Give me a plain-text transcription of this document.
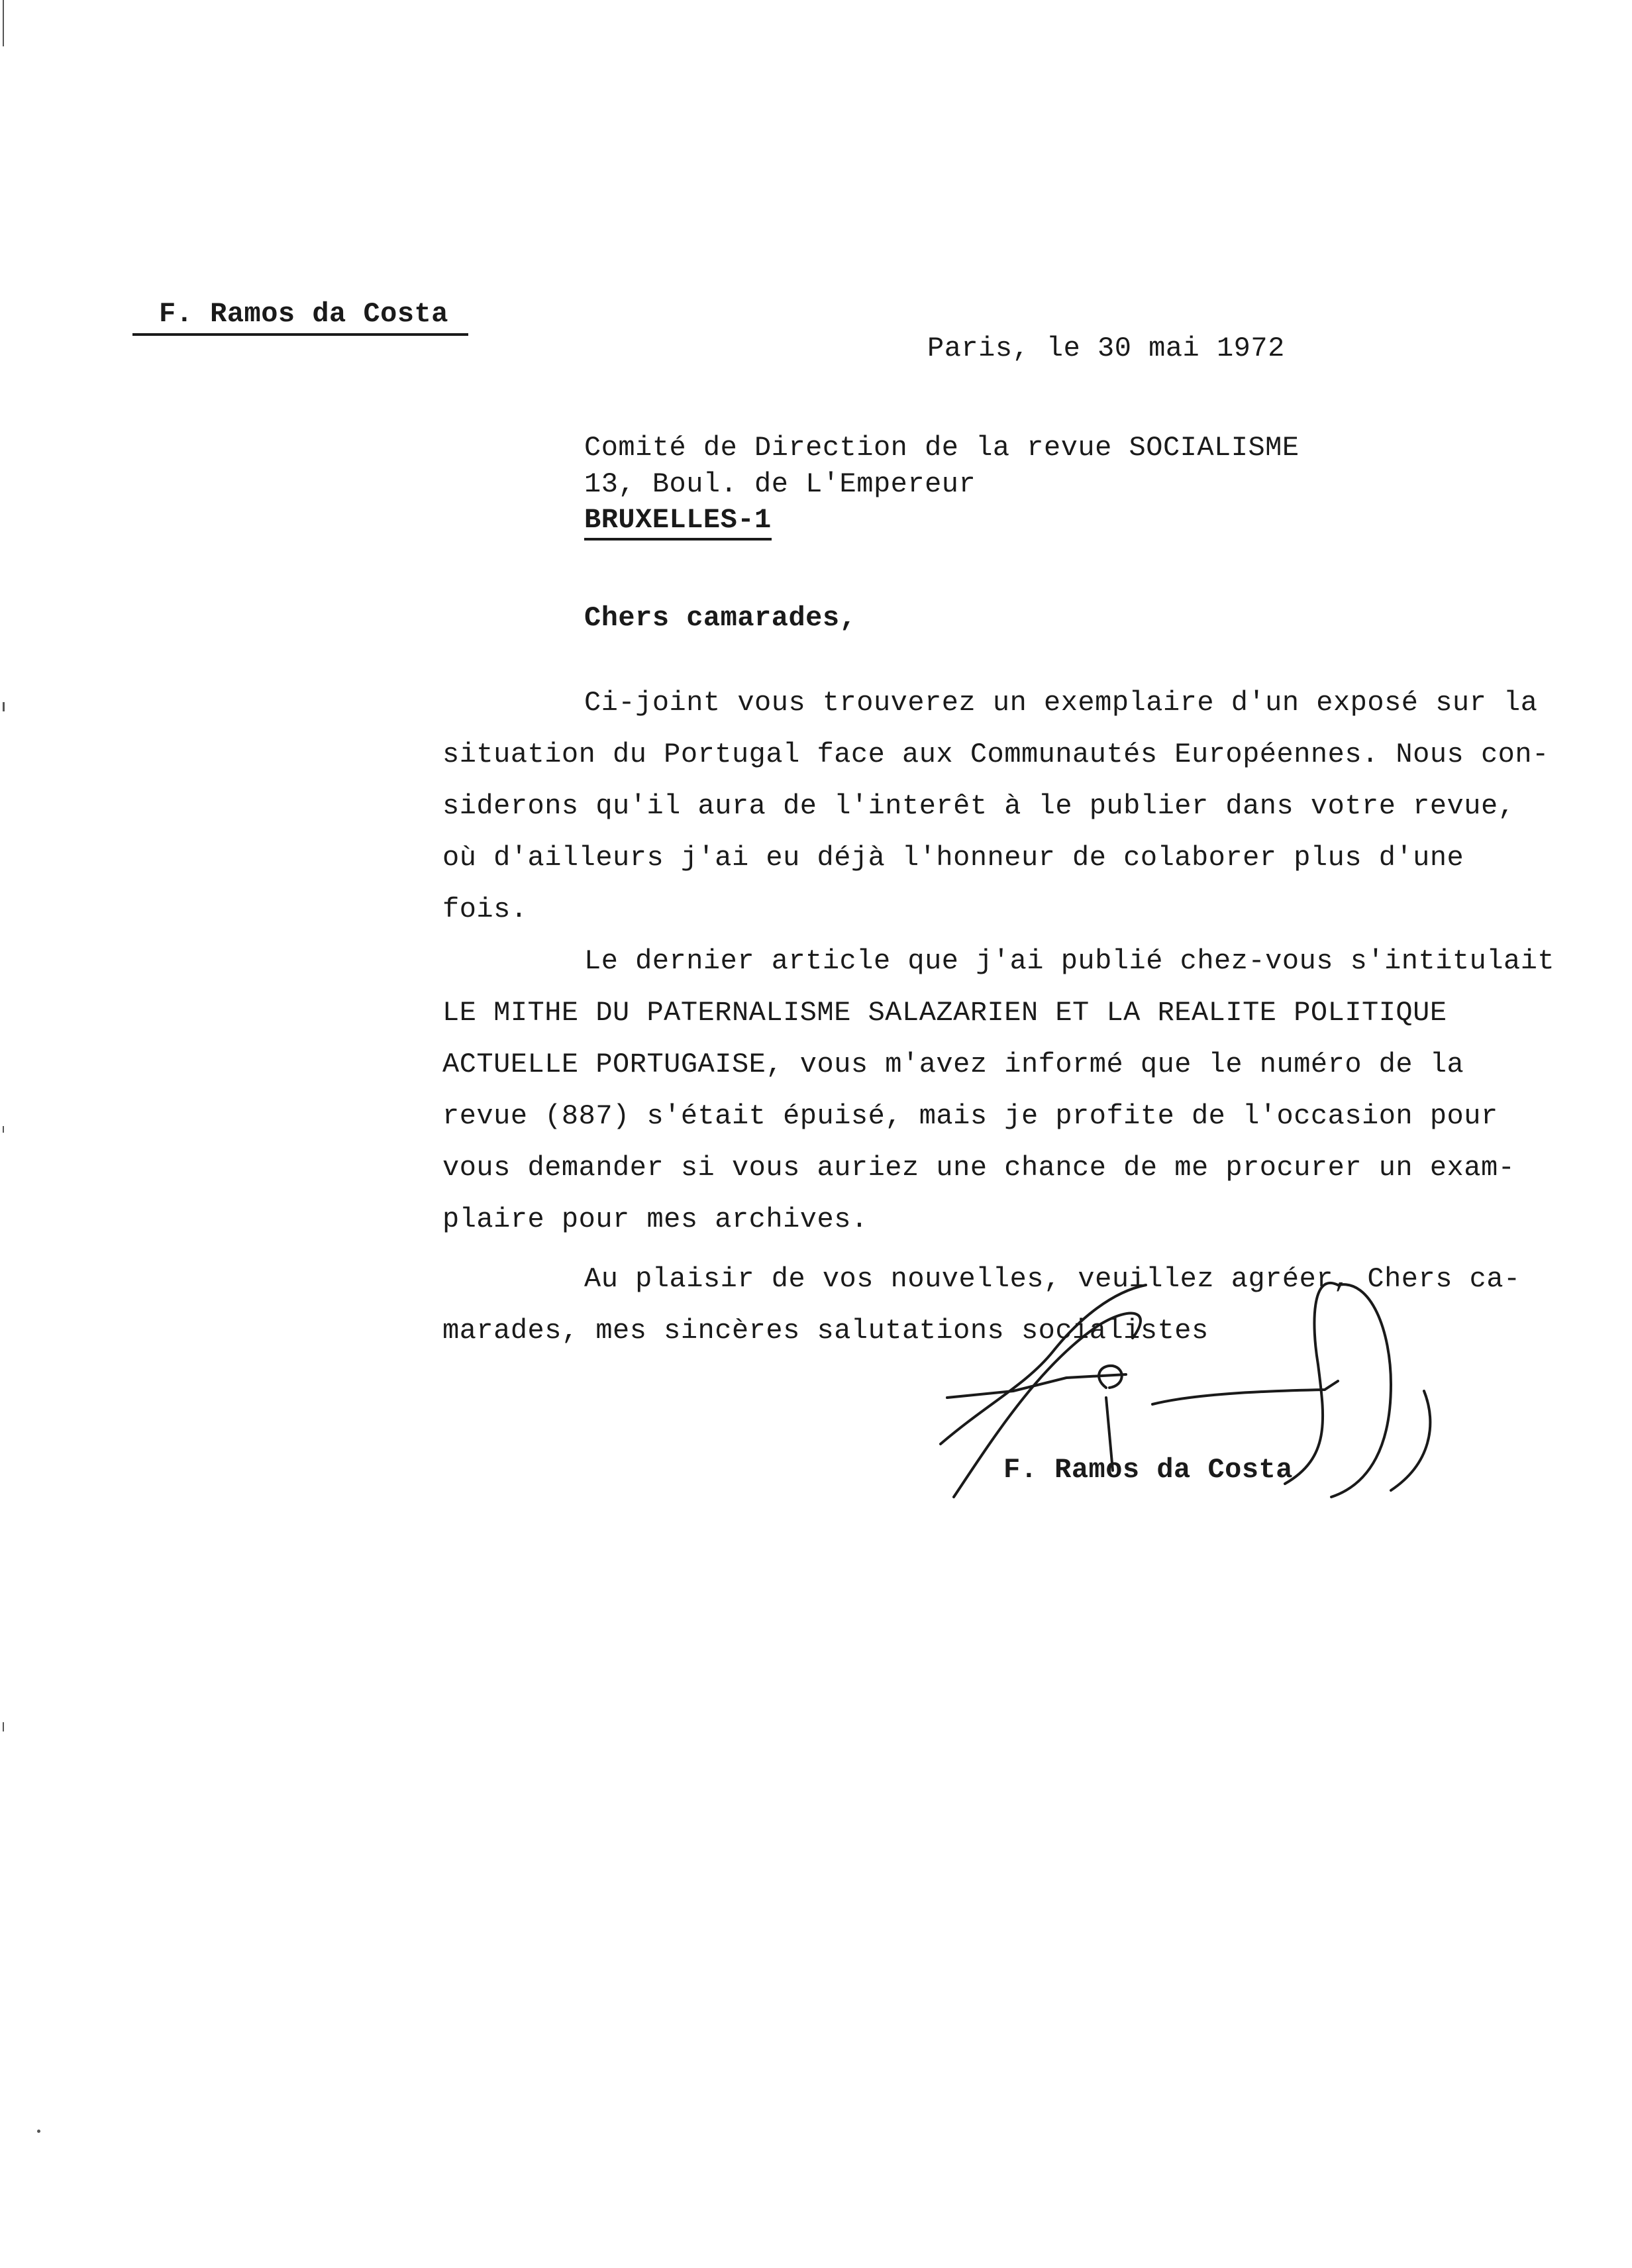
F. Ramos da Costa
Paris, le 30 mai 1972
Comité de Direction de la revue SOCIALISME
13, Boul. de L'Empereur
BRUXELLES-1
Chers camarades,
Ci-joint vous trouverez un exemplaire d'un exposé sur la
situation du Portugal face aux Communautés Européennes. Nous con-
siderons qu'il aura de l'interêt à le publier dans votre revue,
où d'ailleurs j'ai eu déjà l'honneur de colaborer plus d'une
fois.
Le dernier article que j'ai publié chez-vous s'intitulait
LE MITHE DU PATERNALISME SALAZARIEN ET LA REALITE POLITIQUE
ACTUELLE PORTUGAISE, vous m'avez informé que le numéro de la
revue (887) s'était épuisé, mais je profite de l'occasion pour
vous demander si vous auriez une chance de me procurer un exam-
plaire pour mes archives.
Au plaisir de vos nouvelles, veuillez agréer, Chers ca-
marades, mes sincères salutations socialistes
F. Ramos da Costa
